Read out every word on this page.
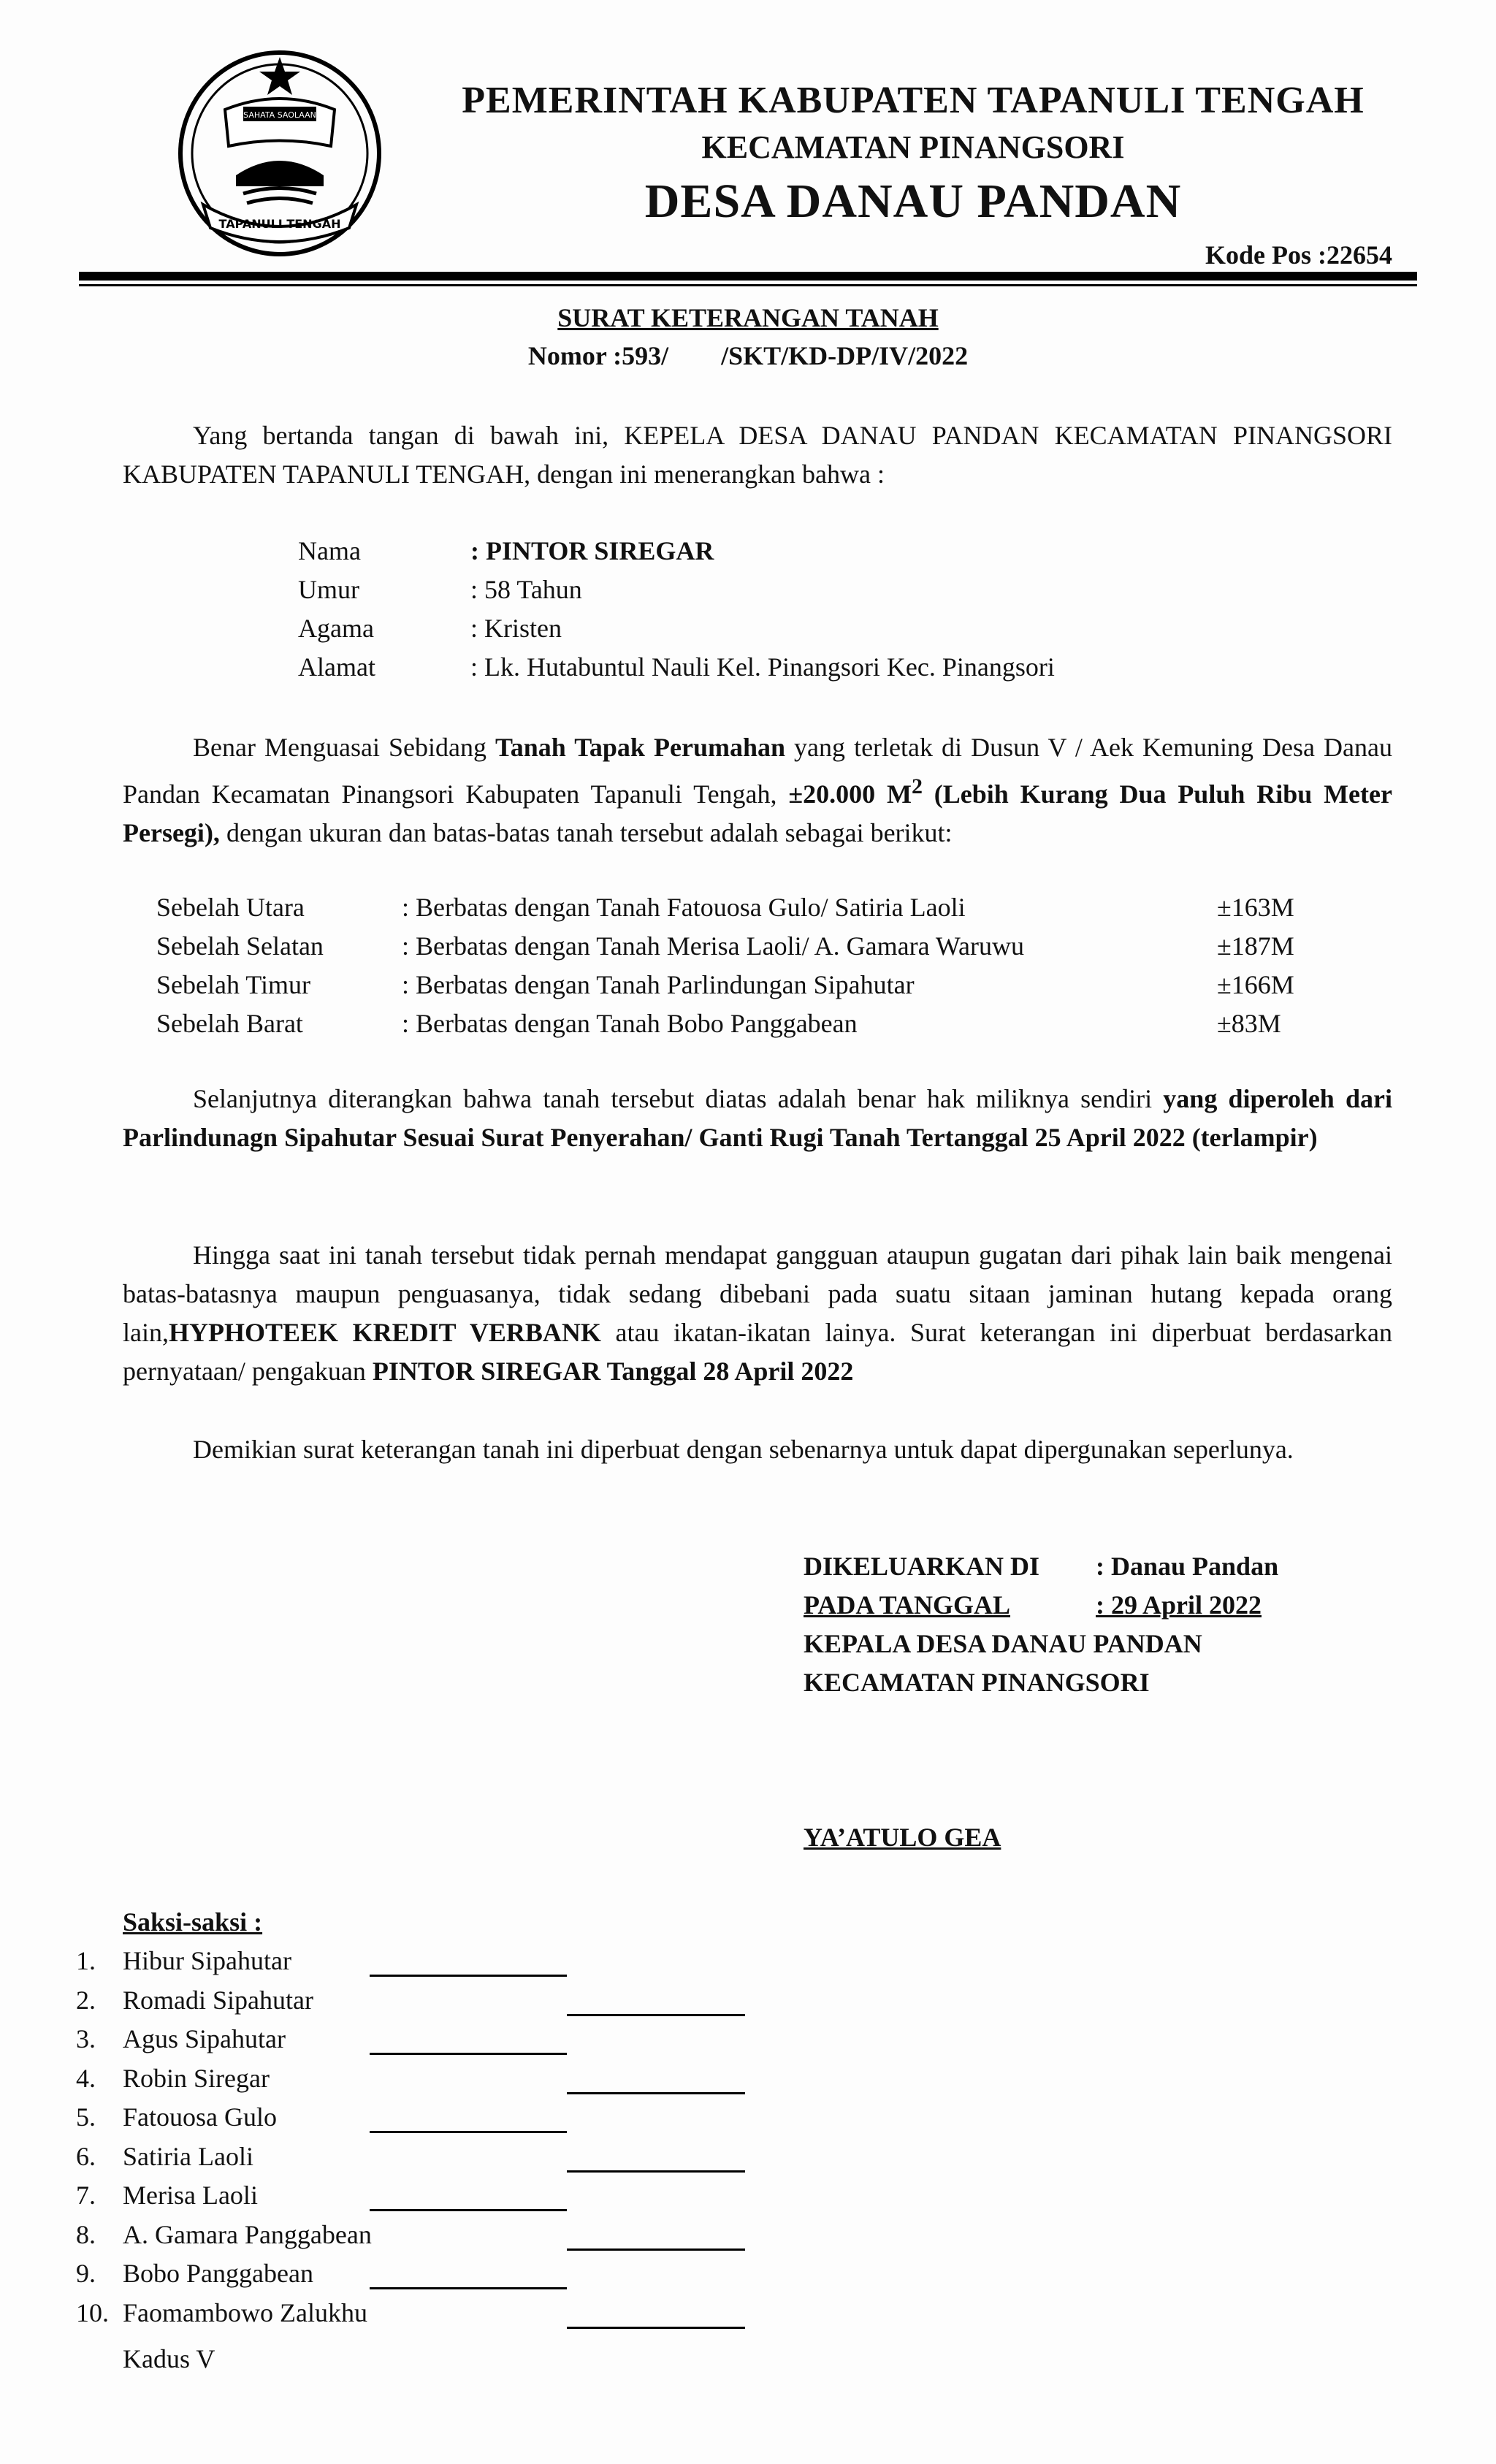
SAHATA SAOLAAN
TAPANULI TENGAH
PEMERINTAH KABUPATEN TAPANULI TENGAH
KECAMATAN PINANGSORI
DESA DANAU PANDAN
Kode Pos :22654
SURAT KETERANGAN TANAH
Nomor :593/        /SKT/KD-DP/IV/2022
Yang bertanda tangan di bawah ini, KEPELA DESA DANAU PANDAN KECAMATAN PINANGSORI KABUPATEN TAPANULI TENGAH, dengan ini menerangkan bahwa :
Nama	: PINTOR SIREGAR
Umur	: 58 Tahun
Agama	: Kristen
Alamat	: Lk. Hutabuntul Nauli Kel. Pinangsori Kec. Pinangsori
Benar Menguasai Sebidang Tanah Tapak Perumahan yang terletak di Dusun V / Aek Kemuning Desa Danau Pandan Kecamatan Pinangsori Kabupaten Tapanuli Tengah, ±20.000 $M^2$ (Lebih Kurang Dua Puluh Ribu Meter Persegi), dengan ukuran dan batas-batas tanah tersebut adalah sebagai berikut:
Sebelah Utara	: Berbatas dengan Tanah Fatouosa Gulo/ Satiria Laoli	±163M
Sebelah Selatan	: Berbatas dengan Tanah Merisa Laoli/ A. Gamara Waruwu	±187M
Sebelah Timur	: Berbatas dengan Tanah Parlindungan Sipahutar	±166M
Sebelah Barat	: Berbatas dengan Tanah Bobo Panggabean	±83M
Selanjutnya diterangkan bahwa tanah tersebut diatas adalah benar hak miliknya sendiri yang diperoleh dari Parlindunagn Sipahutar Sesuai Surat Penyerahan/ Ganti Rugi Tanah Tertanggal 25 April 2022 (terlampir)
Hingga saat ini tanah tersebut tidak pernah mendapat gangguan ataupun gugatan dari pihak lain baik mengenai batas-batasnya maupun penguasanya, tidak sedang dibebani pada suatu sitaan jaminan hutang kepada orang lain,HYPHOTEEK KREDIT VERBANK atau ikatan-ikatan lainya. Surat keterangan ini diperbuat berdasarkan pernyataan/ pengakuan PINTOR SIREGAR Tanggal 28 April 2022
Demikian surat keterangan tanah ini diperbuat dengan sebenarnya untuk dapat dipergunakan seperlunya.
DIKELUARKAN DI	: Danau Pandan
PADA TANGGAL	: 29 April 2022
KEPALA DESA DANAU PANDAN
KECAMATAN PINANGSORI
YA’ATULO GEA
Saksi-saksi :
1.	Hibur Sipahutar
2.	Romadi Sipahutar
3.	Agus Sipahutar
4.	Robin Siregar
5.	Fatouosa Gulo
6.	Satiria Laoli
7.	Merisa Laoli
8.	A. Gamara Panggabean
9.	Bobo Panggabean
10. Faomambowo Zalukhu
Kadus V
